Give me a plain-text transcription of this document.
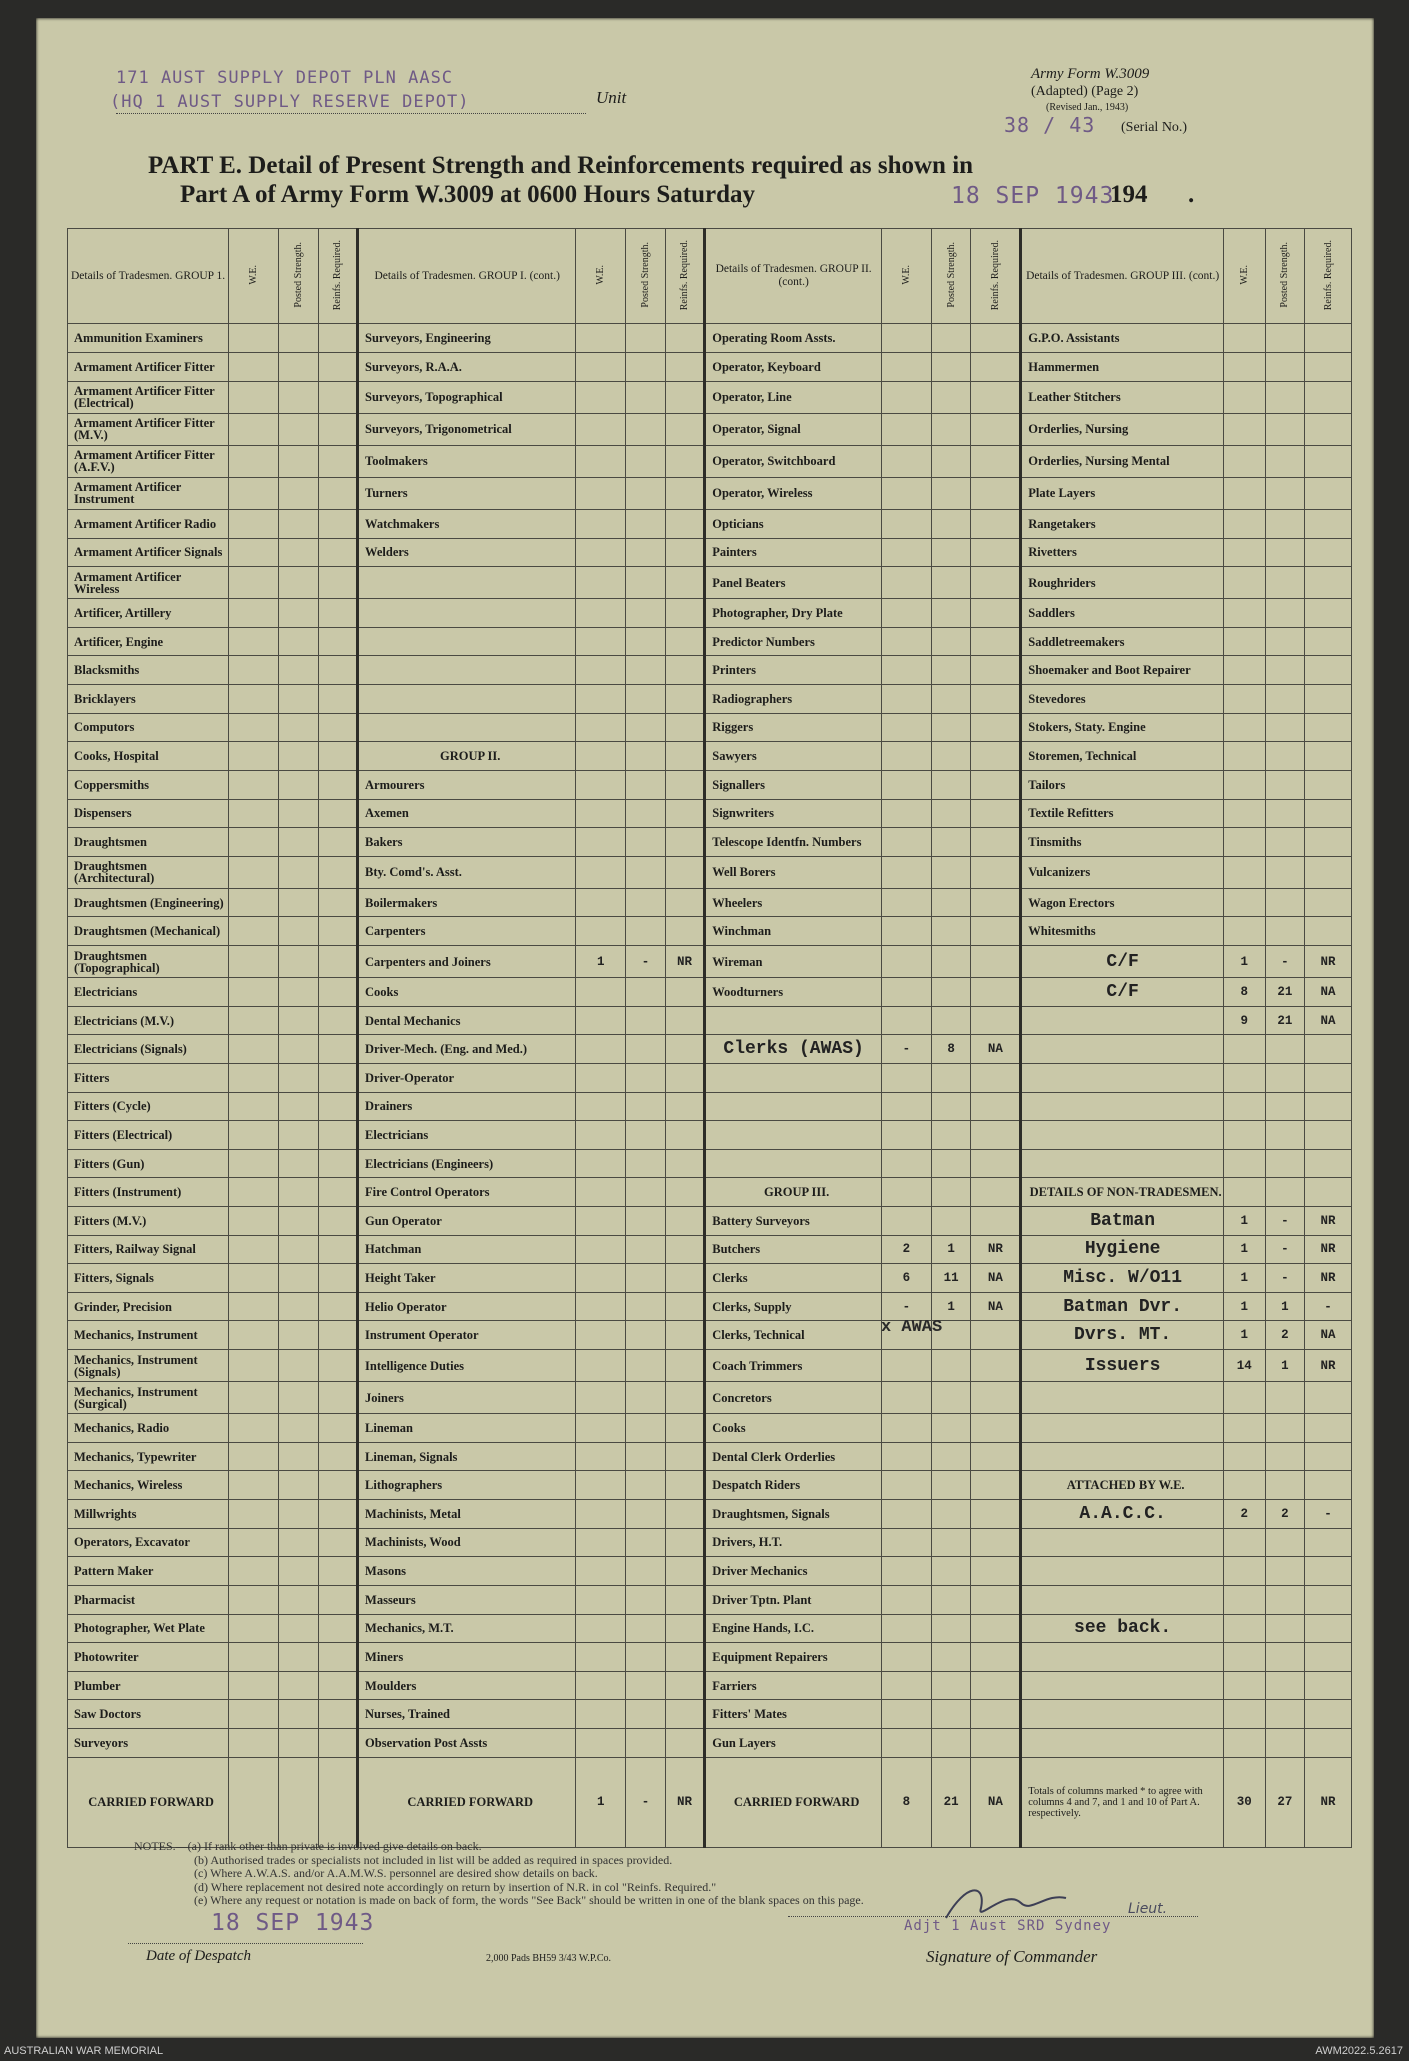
171 AUST SUPPLY DEPOT PLN AASC
(HQ 1 AUST SUPPLY RESERVE DEPOT)	Unit
Army Form W.3009
(Adapted) (Page 2)
(Revised Jan., 1943)
38 / 43 (Serial No.)
PART E. Detail of Present Strength and Reinforcements required as shown in
Part A of Army Form W.3009 at 0600 Hours Saturday	18 SEP 1943
194 .
Details of Tradesmen. GROUP 1.	W.E.	Posted Strength.	Reinfs. Required.	Details of Tradesmen. GROUP I. (cont.)	W.E.	Posted Strength.	Reinfs. Required.	Details of Tradesmen. GROUP II. (cont.)	W.E.	Posted Strength.	Reinfs. Required.	Details of Tradesmen. GROUP III. (cont.)	W.E.	Posted Strength.	Reinfs. Required.
Ammunition Examiners				Surveyors, Engineering				Operating Room Assts.				G.P.O. Assistants			
Armament Artificer Fitter				Surveyors, R.A.A.				Operator, Keyboard				Hammermen			
Armament Artificer Fitter (Electrical)				Surveyors, Topographical				Operator, Line				Leather Stitchers			
Armament Artificer Fitter (M.V.)				Surveyors, Trigonometrical				Operator, Signal				Orderlies, Nursing			
Armament Artificer Fitter (A.F.V.)				Toolmakers				Operator, Switchboard				Orderlies, Nursing Mental			
Armament Artificer Instrument				Turners				Operator, Wireless				Plate Layers			
Armament Artificer Radio				Watchmakers				Opticians				Rangetakers			
Armament Artificer Signals				Welders				Painters				Rivetters			
Armament Artificer Wireless								Panel Beaters				Roughriders			
Artificer, Artillery								Photographer, Dry Plate				Saddlers			
Artificer, Engine								Predictor Numbers				Saddletreemakers			
Blacksmiths								Printers				Shoemaker and Boot Repairer			
Bricklayers								Radiographers				Stevedores			
Computors								Riggers				Stokers, Staty. Engine			
Cooks, Hospital				GROUP II.				Sawyers				Storemen, Technical			
Coppersmiths				Armourers				Signallers				Tailors			
Dispensers				Axemen				Signwriters				Textile Refitters			
Draughtsmen				Bakers				Telescope Identfn. Numbers				Tinsmiths			
Draughtsmen (Architectural)				Bty. Comd's. Asst.				Well Borers				Vulcanizers			
Draughtsmen (Engineering)				Boilermakers				Wheelers				Wagon Erectors			
Draughtsmen (Mechanical)				Carpenters				Winchman				Whitesmiths			
Draughtsmen (Topographical)				Carpenters and Joiners	1	-	NR	Wireman				C/F	1	-	NR
Electricians				Cooks				Woodturners				C/F	8	21	NA
Electricians (M.V.)				Dental Mechanics									9	21	NA
Electricians (Signals)				Driver-Mech. (Eng. and Med.)				Clerks (AWAS)	-	8	NA				
Fitters				Driver-Operator											
Fitters (Cycle)				Drainers											
Fitters (Electrical)				Electricians											
Fitters (Gun)				Electricians (Engineers)											
Fitters (Instrument)				Fire Control Operators				GROUP III.				DETAILS OF NON-TRADESMEN.			
Fitters (M.V.)				Gun Operator				Battery Surveyors				Batman	1	-	NR
Fitters, Railway Signal				Hatchman				Butchers	2	1	NR	Hygiene	1	-	NR
Fitters, Signals				Height Taker				Clerks	6	11	NA	Misc. W/O11	1	-	NR
Grinder, Precision				Helio Operator				Clerks, Supply	-	1	NA	Batman Dvr.	1	1	-
Mechanics, Instrument				Instrument Operator				Clerks, Technical				Dvrs. MT.	1	2	NA
Mechanics, Instrument (Signals)				Intelligence Duties				Coach Trimmers				Issuers	14	1	NR
Mechanics, Instrument (Surgical)				Joiners				Concretors							
Mechanics, Radio				Lineman				Cooks							
Mechanics, Typewriter				Lineman, Signals				Dental Clerk Orderlies							
Mechanics, Wireless				Lithographers				Despatch Riders				ATTACHED BY W.E.			
Millwrights				Machinists, Metal				Draughtsmen, Signals				A.A.C.C.	2	2	-
Operators, Excavator				Machinists, Wood				Drivers, H.T.							
Pattern Maker				Masons				Driver Mechanics							
Pharmacist				Masseurs				Driver Tptn. Plant							
Photographer, Wet Plate				Mechanics, M.T.				Engine Hands, I.C.				see back.			
Photowriter				Miners				Equipment Repairers							
Plumber				Moulders				Farriers							
Saw Doctors				Nurses, Trained				Fitters' Mates							
Surveyors				Observation Post Assts				Gun Layers							
CARRIED FORWARD				CARRIED FORWARD	1	-	NR	CARRIED FORWARD	8	21	NA	Totals of columns marked * to agree with columns 4 and 7, and 1 and 10 of Part A. respectively.	30	27	NR
NOTES.—(a) If rank other than private is involved give details on back.
(b) Authorised trades or specialists not included in list will be added as required in spaces provided.
(c) Where A.W.A.S. and/or A.A.M.W.S. personnel are desired show details on back.
(d) Where replacement not desired note accordingly on return by insertion of N.R. in col "Reinfs. Required."
(e) Where any request or notation is made on back of form, the words "See Back" should be written in one of the blank spaces on this page.
18 SEP 1943
Date of Despatch	2,000 Pads BH59 3/43 W.P.Co.
Lieut.
Adjt 1 Aust SRD Sydney
Signature of Commander
x AWAS
AUSTRALIAN WAR MEMORIAL	AWM2022.5.2617
